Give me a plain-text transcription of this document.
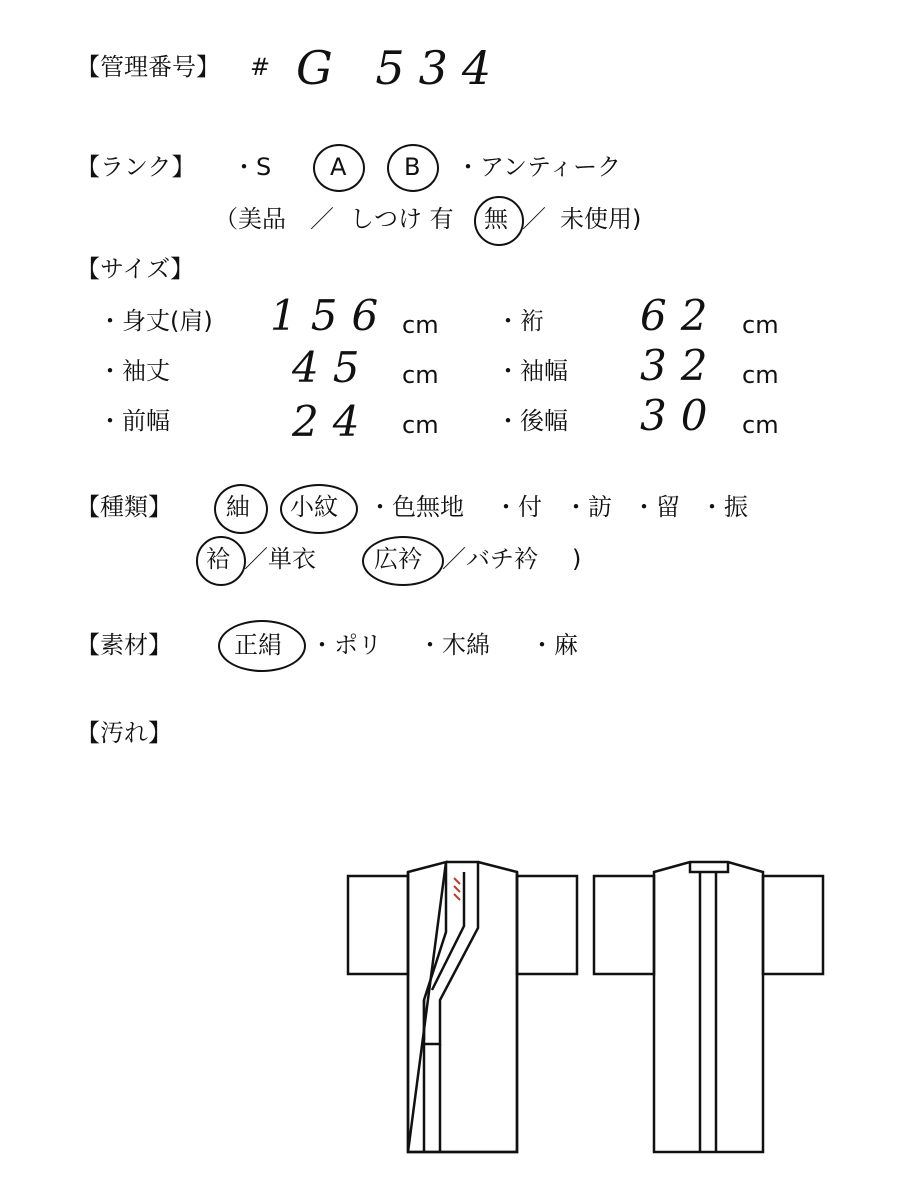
【管理番号】 # G 534
【ランク】 ・S A B ・アンティーク
（美品 ／ しつけ 有 無 ／ 未使用)
【サイズ】
・身丈(肩) 156 cm ・裄 62 cm
・袖丈	45 cm ・袖幅 32 cm
・前幅	24 cm ・後幅 30 cm
【種類】 紬 小紋 ・色無地 ・付 ・訪 ・留 ・振
袷 ／単衣 広衿 ／バチ衿 )
【素材】	正絹 ・ポリ ・木綿 ・麻
【汚れ】
